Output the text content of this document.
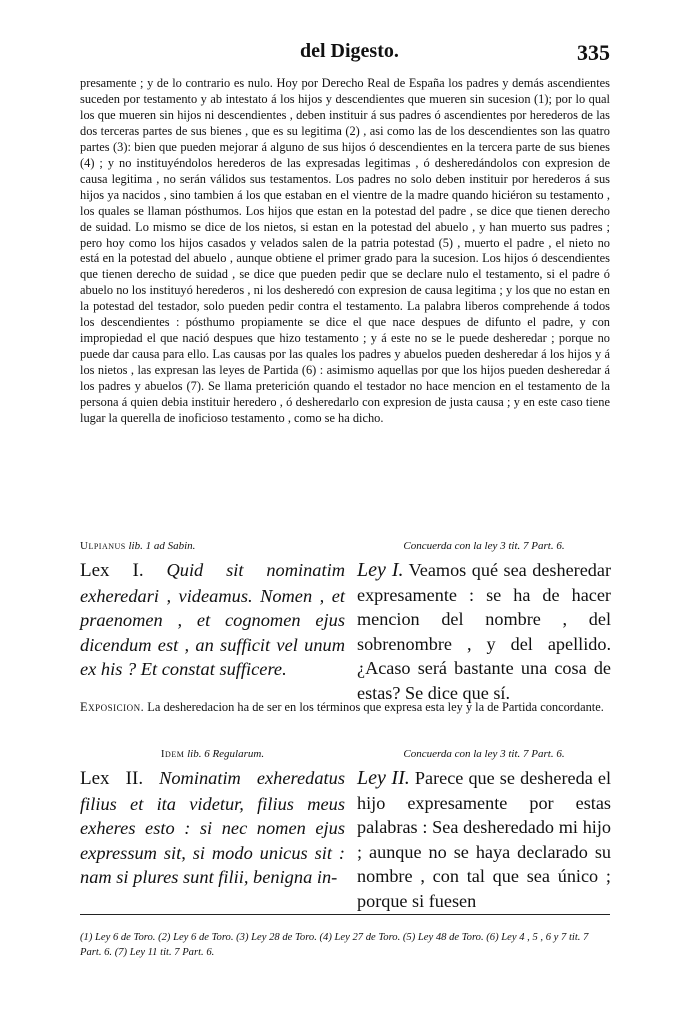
del Digesto.	335

presamente ; y de lo contrario es nulo. Hoy por Derecho Real de España los padres y demás ascendientes suceden por testamento y ab intestato á los hijos y descendientes que mueren sin sucesion (1); por lo qual los que mueren sin hijos ni descendientes , deben instituir á sus padres ó ascendientes por herederos de las dos terceras partes de sus bienes , que es su legitima (2) , asi como las de los descendientes son las quatro partes (3): bien que pueden mejorar á alguno de sus hijos ó descendientes en la tercera parte de sus bienes (4) ; y no instituyéndolos herederos de las expresadas legitimas , ó desheredándolos con expresion de causa legitima , no serán válidos sus testamentos. Los padres no solo deben instituir por herederos á sus hijos ya nacidos , sino tambien á los que estaban en el vientre de la madre quando hiciéron su testamento , los quales se llaman pósthumos. Los hijos que estan en la potestad del padre , se dice que tienen derecho de suidad. Lo mismo se dice de los nietos, si estan en la potestad del abuelo , y han muerto sus padres ; pero hoy como los hijos casados y velados salen de la patria potestad (5) , muerto el padre , el nieto no está en la potestad del abuelo , aunque obtiene el primer grado para la sucesion. Los hijos ó descendientes que tienen derecho de suidad , se dice que pueden pedir que se declare nulo el testamento, si el padre ó abuelo no los instituyó herederos , ni los desheredó con expresion de causa legitima ; y los que no estan en la potestad del testador, solo pueden pedir contra el testamento. La palabra liberos comprehende á todos los descendientes : pósthumo propiamente se dice el que nace despues de difunto el padre, y con impropiedad el que nació despues que hizo testamento ; y á este no se le puede desheredar ; porque no puede dar causa para ello. Las causas por las quales los padres y abuelos pueden desheredar á los hijos y á los nietos , las expresan las leyes de Partida (6) : asimismo aquellas por que los hijos pueden desheredar á los padres y abuelos (7). Se llama preterición quando el testador no hace mencion en el testamento de la persona á quien debia instituir heredero , ó desheredarlo con expresion de justa causa ; y en este caso tiene lugar la querella de inoficioso testamento , como se ha dicho.

Ulpianus lib. 1 ad Sabin.

Lex I. Quid sit nominatim exheredari , videamus. Nomen , et praenomen , et cognomen ejus dicendum est , an sufficit vel unum ex his ? Et constat sufficere.

Concuerda con la ley 3 tit. 7 Part. 6.

Ley I. Veamos qué sea desheredar expresamente : se ha de hacer mencion del nombre , del sobrenombre , y del apellido. ¿Acaso será bastante una cosa de estas? Se dice que sí.

Exposicion. La desheredacion ha de ser en los términos que expresa esta ley y la de Partida concordante.

Idem lib. 6 Regularum.

Lex II. Nominatim exheredatus filius et ita videtur, filius meus exheres esto : si nec nomen ejus expressum sit, si modo unicus sit : nam si plures sunt filii, benigna in-

Concuerda con la ley 3 tit. 7 Part. 6.

Ley II. Parece que se deshereda el hijo expresamente por estas palabras : Sea desheredado mi hijo ; aunque no se haya declarado su nombre , con tal que sea único ; porque si fuesen

(1) Ley 6 de Toro. (2) Ley 6 de Toro. (3) Ley 28 de Toro. (4) Ley 27 de Toro. (5) Ley 48 de Toro. (6) Ley 4 , 5 , 6 y 7 tit. 7 Part. 6. (7) Ley 11 tit. 7 Part. 6.
